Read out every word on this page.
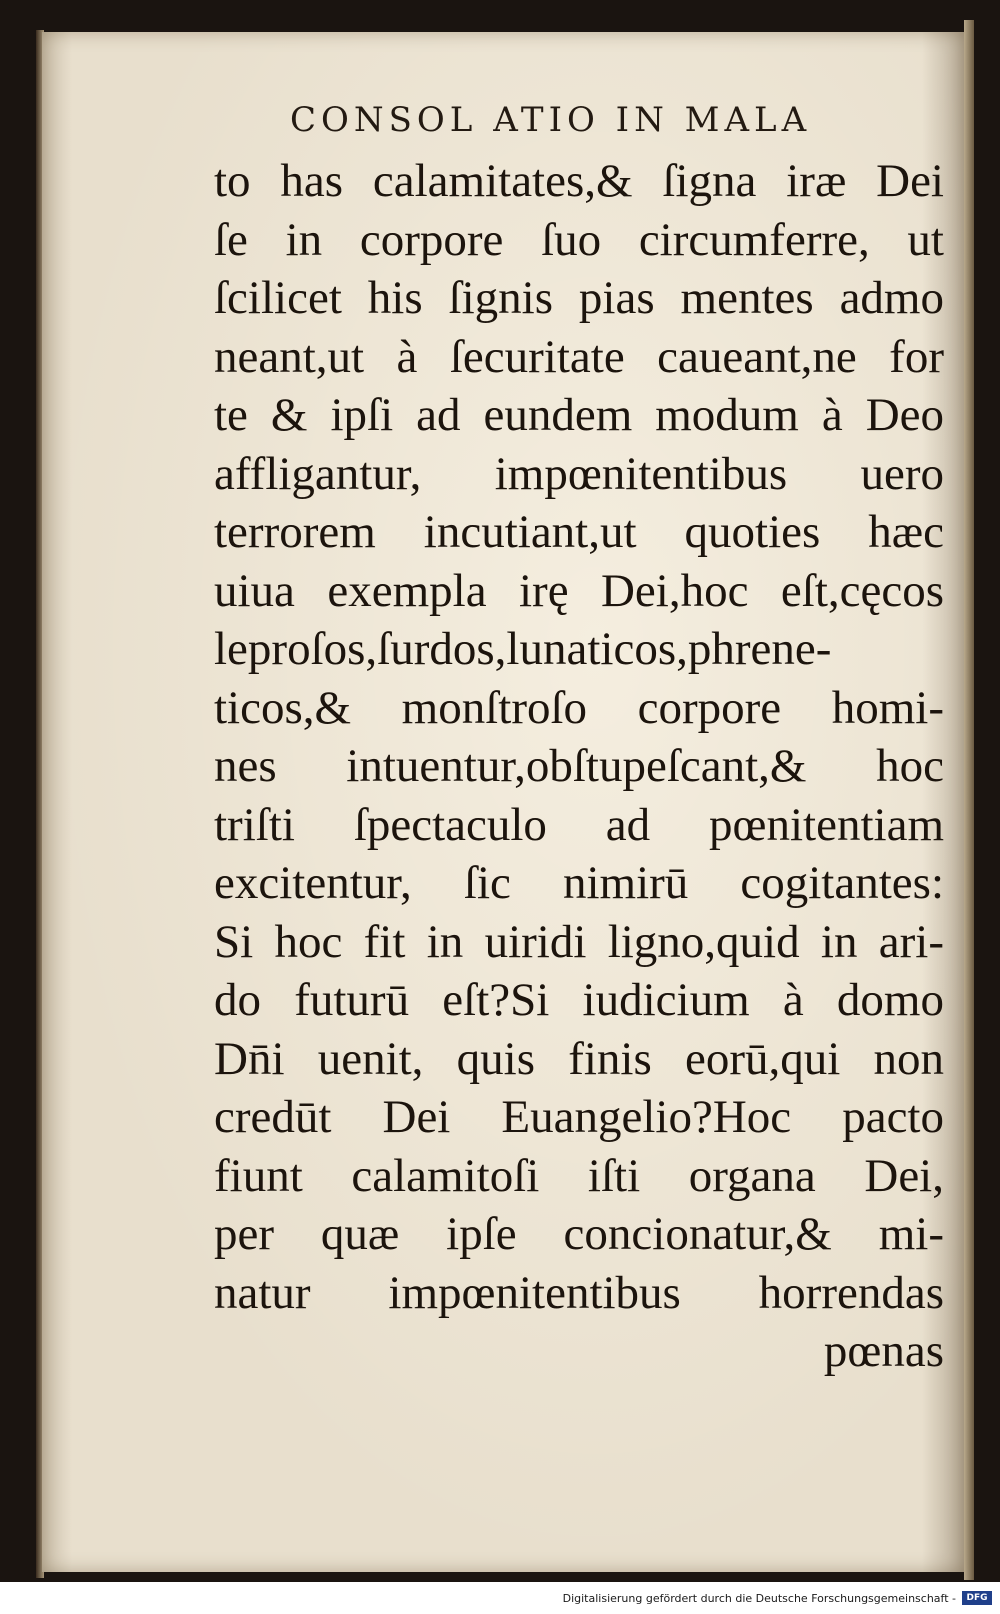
CONSOL ATIO IN MALA
to has calamitates,& ſigna iræ Dei
ſe in corpore ſuo circumferre, ut
ſcilicet his ſignis pias mentes admo
neant,ut à ſecuritate caueant,ne for
te & ipſi ad eundem modum à Deo
affligantur, impœnitentibus uero
terrorem incutiant,ut quoties hæc
uiua exempla irę Dei,hoc eſt,cęcos
leproſos,ſurdos,lunaticos,phrene-
ticos,& monſtroſo corpore homi-
nes intuentur,obſtupeſcant,& hoc
triſti ſpectaculo ad pœnitentiam
excitentur, ſic nimirū cogitantes:
Si hoc fit in uiridi ligno,quid in ari-
do futurū eſt?Si iudicium à domo
Dn̄i uenit, quis finis eorū,qui non
credūt Dei Euangelio?Hoc pacto
fiunt calamitoſi iſti organa Dei,
per quæ ipſe concionatur,& mi-
natur impœnitentibus horrendas
pœnas
Digitalisierung gefördert durch die Deutsche Forschungsgemeinschaft -	DFG
